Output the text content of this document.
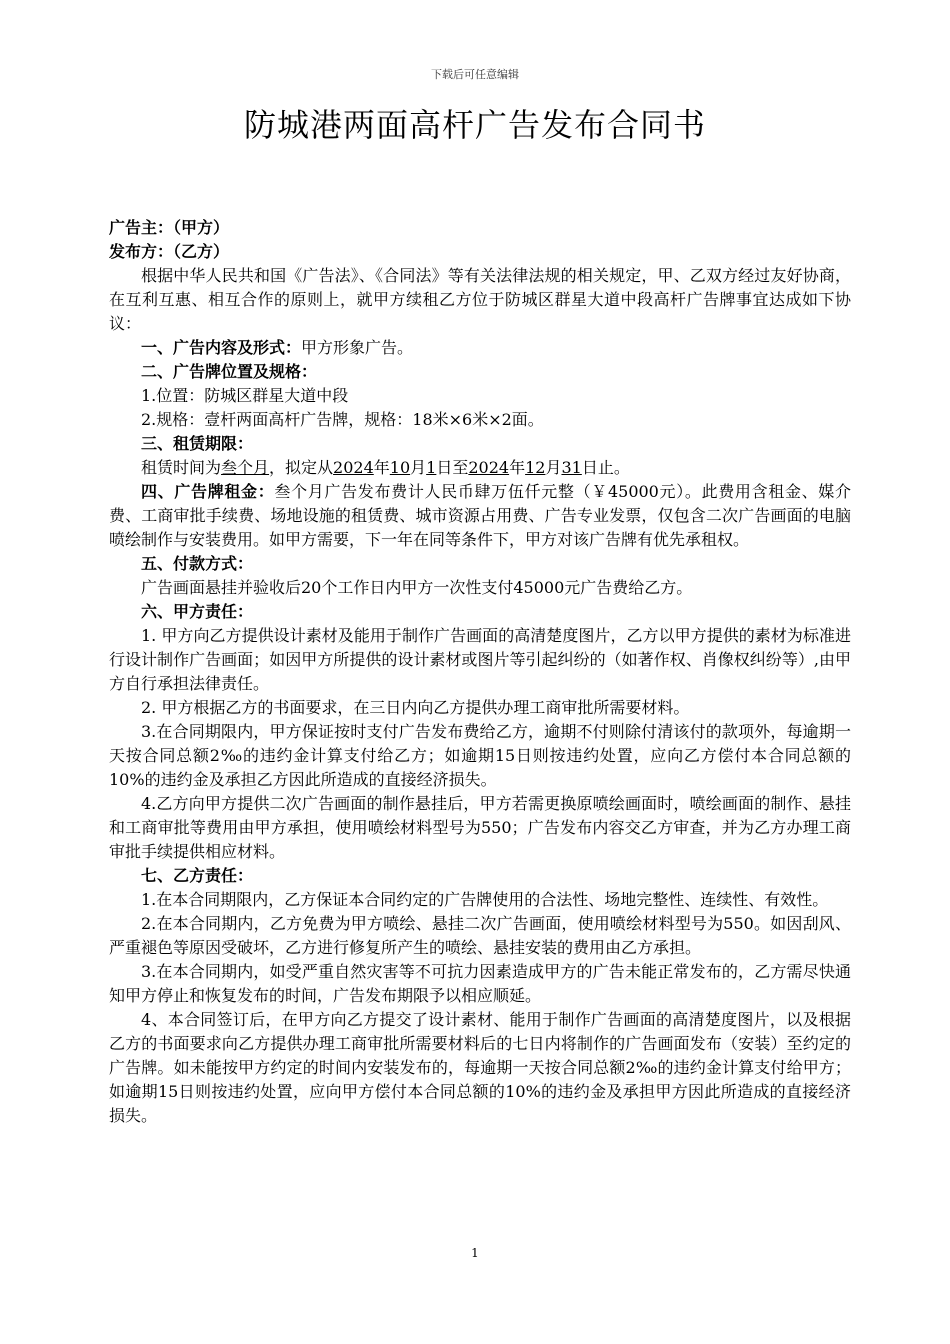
下载后可任意编辑
防城港两面高杆广告发布合同书

广告主：（甲方）

发布方：（乙方）

根据中华人民共和国《广告法》、《合同法》等有关法律法规的相关规定，甲、乙双方经过友好协商，在互利互惠、相互合作的原则上，就甲方续租乙方位于防城区群星大道中段高杆广告牌事宜达成如下协议：

一、广告内容及形式：甲方形象广告。

二、广告牌位置及规格：

1.位置：防城区群星大道中段

2.规格：壹杆两面高杆广告牌，规格：18米×6米×2面。

三、租赁期限：

租赁时间为叁个月，拟定从2024年10月1日至2024年12月31日止。

四、广告牌租金：叁个月广告发布费计人民币肆万伍仟元整（￥45000元）。此费用含租金、媒介费、工商审批手续费、场地设施的租赁费、城市资源占用费、广告专业发票，仅包含二次广告画面的电脑喷绘制作与安装费用。如甲方需要，下一年在同等条件下，甲方对该广告牌有优先承租权。

五、付款方式：

广告画面悬挂并验收后20个工作日内甲方一次性支付45000元广告费给乙方。

六、甲方责任：

1. 甲方向乙方提供设计素材及能用于制作广告画面的高清楚度图片，乙方以甲方提供的素材为标准进行设计制作广告画面；如因甲方所提供的设计素材或图片等引起纠纷的（如著作权、肖像权纠纷等）,由甲方自行承担法律责任。

2. 甲方根据乙方的书面要求，在三日内向乙方提供办理工商审批所需要材料。

3.在合同期限内，甲方保证按时支付广告发布费给乙方，逾期不付则除付清该付的款项外，每逾期一天按合同总额2‰的违约金计算支付给乙方；如逾期15日则按违约处置，应向乙方偿付本合同总额的10%的违约金及承担乙方因此所造成的直接经济损失。

4.乙方向甲方提供二次广告画面的制作悬挂后，甲方若需更换原喷绘画面时，喷绘画面的制作、悬挂和工商审批等费用由甲方承担，使用喷绘材料型号为550；广告发布内容交乙方审查，并为乙方办理工商审批手续提供相应材料。

七、乙方责任：

1.在本合同期限内，乙方保证本合同约定的广告牌使用的合法性、场地完整性、连续性、有效性。

2.在本合同期内，乙方免费为甲方喷绘、悬挂二次广告画面，使用喷绘材料型号为550。如因刮风、严重褪色等原因受破坏，乙方进行修复所产生的喷绘、悬挂安装的费用由乙方承担。

3.在本合同期内，如受严重自然灾害等不可抗力因素造成甲方的广告未能正常发布的，乙方需尽快通知甲方停止和恢复发布的时间，广告发布期限予以相应顺延。

4、本合同签订后，在甲方向乙方提交了设计素材、能用于制作广告画面的高清楚度图片，以及根据乙方的书面要求向乙方提供办理工商审批所需要材料后的七日内将制作的广告画面发布（安装）至约定的广告牌。如未能按甲方约定的时间内安装发布的，每逾期一天按合同总额2‰的违约金计算支付给甲方；如逾期15日则按违约处置，应向甲方偿付本合同总额的10%的违约金及承担甲方因此所造成的直接经济损失。

1
